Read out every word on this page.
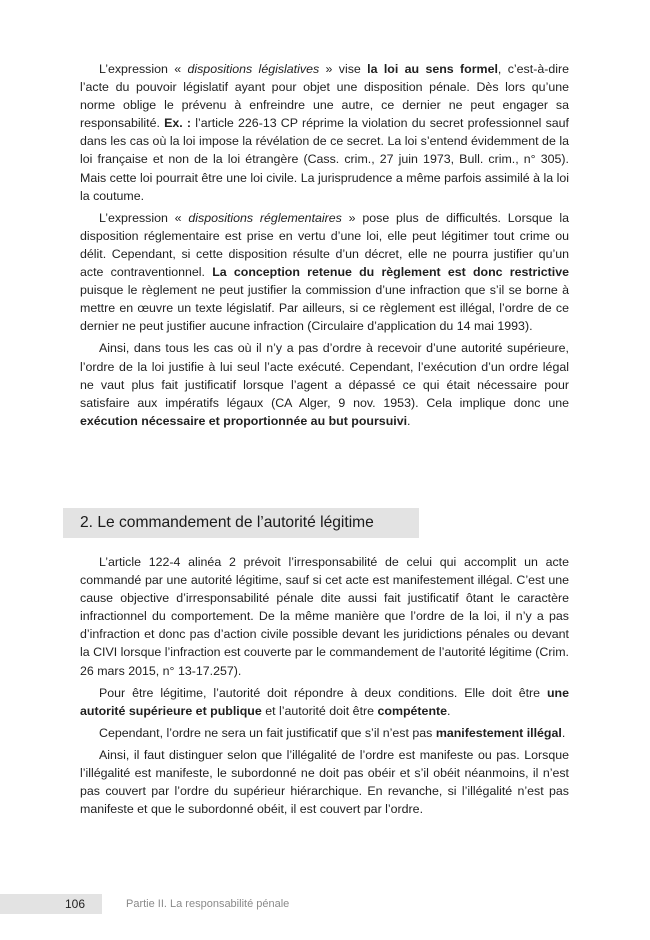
L’expression « dispositions législatives » vise la loi au sens formel, c’est-à-dire l’acte du pouvoir législatif ayant pour objet une disposition pénale. Dès lors qu’une norme oblige le prévenu à enfreindre une autre, ce dernier ne peut engager sa responsabilité. Ex. : l’article 226-13 CP réprime la violation du secret professionnel sauf dans les cas où la loi impose la révélation de ce secret. La loi s’entend évidemment de la loi française et non de la loi étrangère (Cass. crim., 27 juin 1973, Bull. crim., n° 305). Mais cette loi pourrait être une loi civile. La jurisprudence a même parfois assimilé à la loi la coutume.

L’expression « dispositions réglementaires » pose plus de difficultés. Lorsque la disposition réglementaire est prise en vertu d’une loi, elle peut légitimer tout crime ou délit. Cependant, si cette disposition résulte d’un décret, elle ne pourra justifier qu’un acte contraventionnel. La conception retenue du règlement est donc restrictive puisque le règlement ne peut justifier la commission d’une infraction que s’il se borne à mettre en œuvre un texte législatif. Par ailleurs, si ce règlement est illégal, l’ordre de ce dernier ne peut justifier aucune infraction (Circulaire d’application du 14 mai 1993).

Ainsi, dans tous les cas où il n’y a pas d’ordre à recevoir d’une autorité supérieure, l’ordre de la loi justifie à lui seul l’acte exécuté. Cependant, l’exécution d’un ordre légal ne vaut plus fait justificatif lorsque l’agent a dépassé ce qui était nécessaire pour satisfaire aux impératifs légaux (CA Alger, 9 nov. 1953). Cela implique donc une exécution nécessaire et proportionnée au but poursuivi.

2. Le commandement de l’autorité légitime

L’article 122-4 alinéa 2 prévoit l’irresponsabilité de celui qui accomplit un acte commandé par une autorité légitime, sauf si cet acte est manifestement illégal. C’est une cause objective d’irresponsabilité pénale dite aussi fait justificatif ôtant le caractère infractionnel du comportement. De la même manière que l’ordre de la loi, il n’y a pas d’infraction et donc pas d’action civile possible devant les juridictions pénales ou devant la CIVI lorsque l’infraction est couverte par le commandement de l’autorité légitime (Crim. 26 mars 2015, n° 13-17.257).

Pour être légitime, l’autorité doit répondre à deux conditions. Elle doit être une autorité supérieure et publique et l’autorité doit être compétente.

Cependant, l’ordre ne sera un fait justificatif que s’il n’est pas manifestement illégal.

Ainsi, il faut distinguer selon que l’illégalité de l’ordre est manifeste ou pas. Lorsque l’illégalité est manifeste, le subordonné ne doit pas obéir et s’il obéit néanmoins, il n’est pas couvert par l’ordre du supérieur hiérarchique. En revanche, si l’illégalité n’est pas manifeste et que le subordonné obéit, il est couvert par l’ordre.

106	Partie II. La responsabilité pénale
